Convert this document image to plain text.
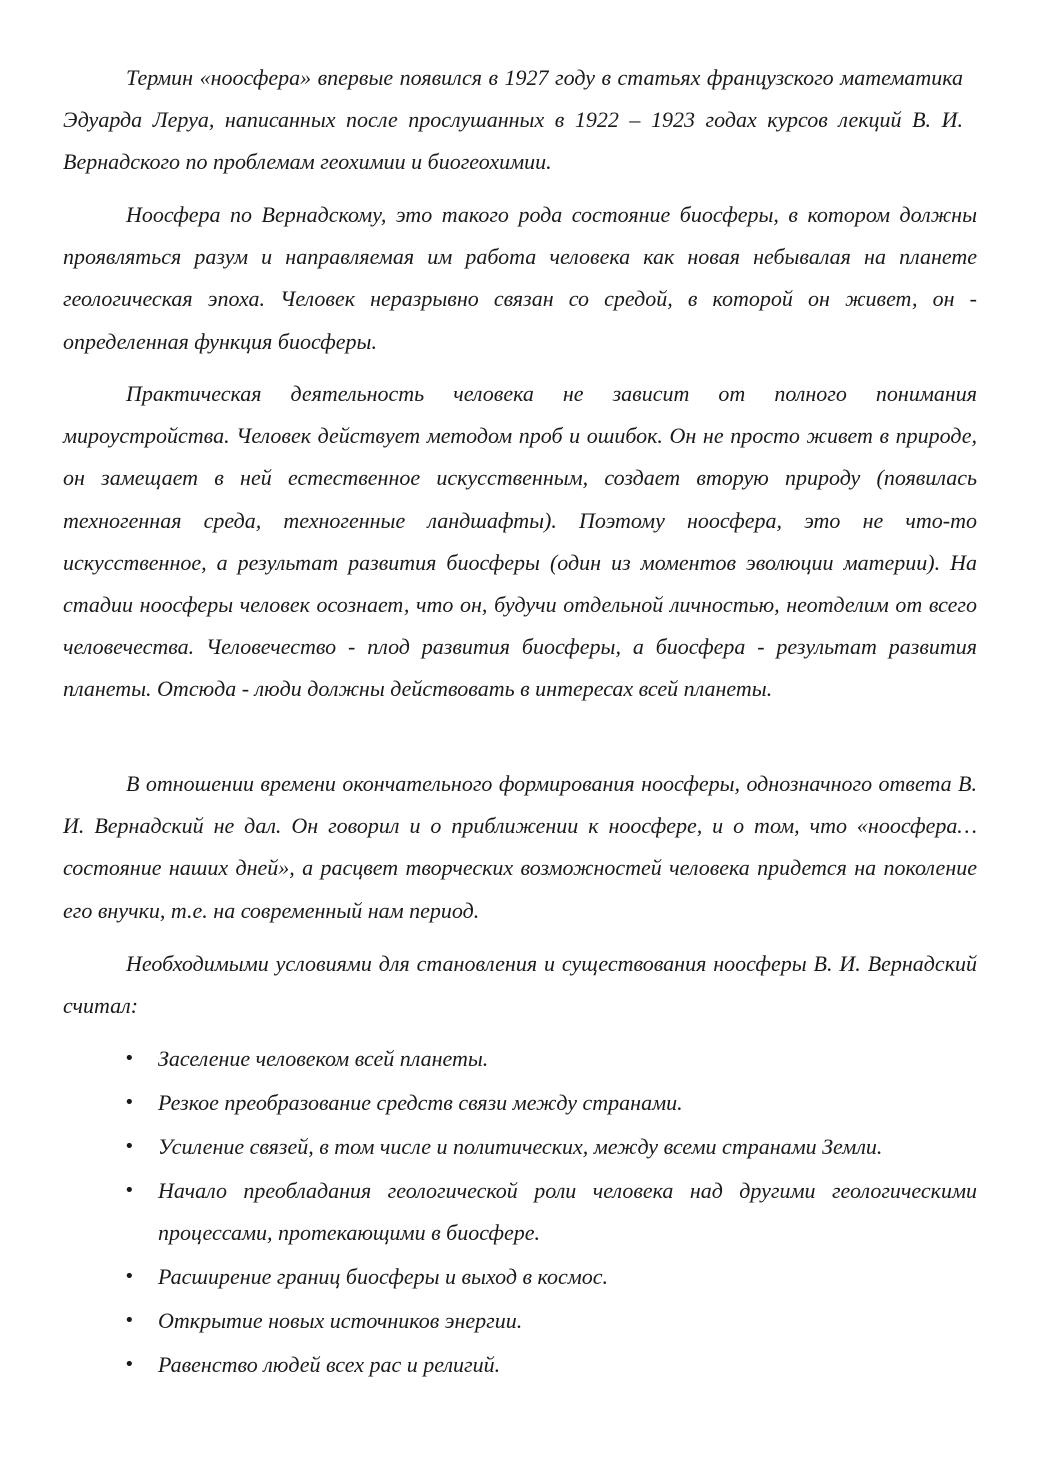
Термин «ноосфера» впервые появился в 1927 году в статьях французского математика Эдуарда Леруа, написанных после прослушанных в 1922 – 1923 годах курсов лекций В. И. Вернадского по проблемам геохимии и биогеохимии.

Ноосфера по Вернадскому, это такого рода состояние биосферы, в котором должны проявляться разум и направляемая им работа человека как новая небывалая на планете геологическая эпоха. Человек неразрывно связан со средой, в которой он живет, он - определенная функция биосферы.

Практическая деятельность человека не зависит от полного понимания мироустройства. Человек действует методом проб и ошибок. Он не просто живет в природе, он замещает в ней естественное искусственным, создает вторую природу (появилась техногенная среда, техногенные ландшафты). Поэтому ноосфера, это не что-то искусственное, а результат развития биосферы (один из моментов эволюции материи). На стадии ноосферы человек осознает, что он, будучи отдельной личностью, неотделим от всего человечества. Человечество - плод развития биосферы, а биосфера - результат развития планеты. Отсюда - люди должны действовать в интересах всей планеты.

В отношении времени окончательного формирования ноосферы, однозначного ответа В. И. Вернадский не дал. Он говорил и о приближении к ноосфере, и о том, что «ноосфера… состояние наших дней», а расцвет творческих возможностей человека придется на поколение его внучки, т.е. на современный нам период.

Необходимыми условиями для становления и существования ноосферы В. И. Вернадский считал:

• Заселение человеком всей планеты.
• Резкое преобразование средств связи между странами.
• Усиление связей, в том числе и политических, между всеми странами Земли.
• Начало преобладания геологической роли человека над другими геологическими процессами, протекающими в биосфере.
• Расширение границ биосферы и выход в космос.
• Открытие новых источников энергии.
• Равенство людей всех рас и религий.
